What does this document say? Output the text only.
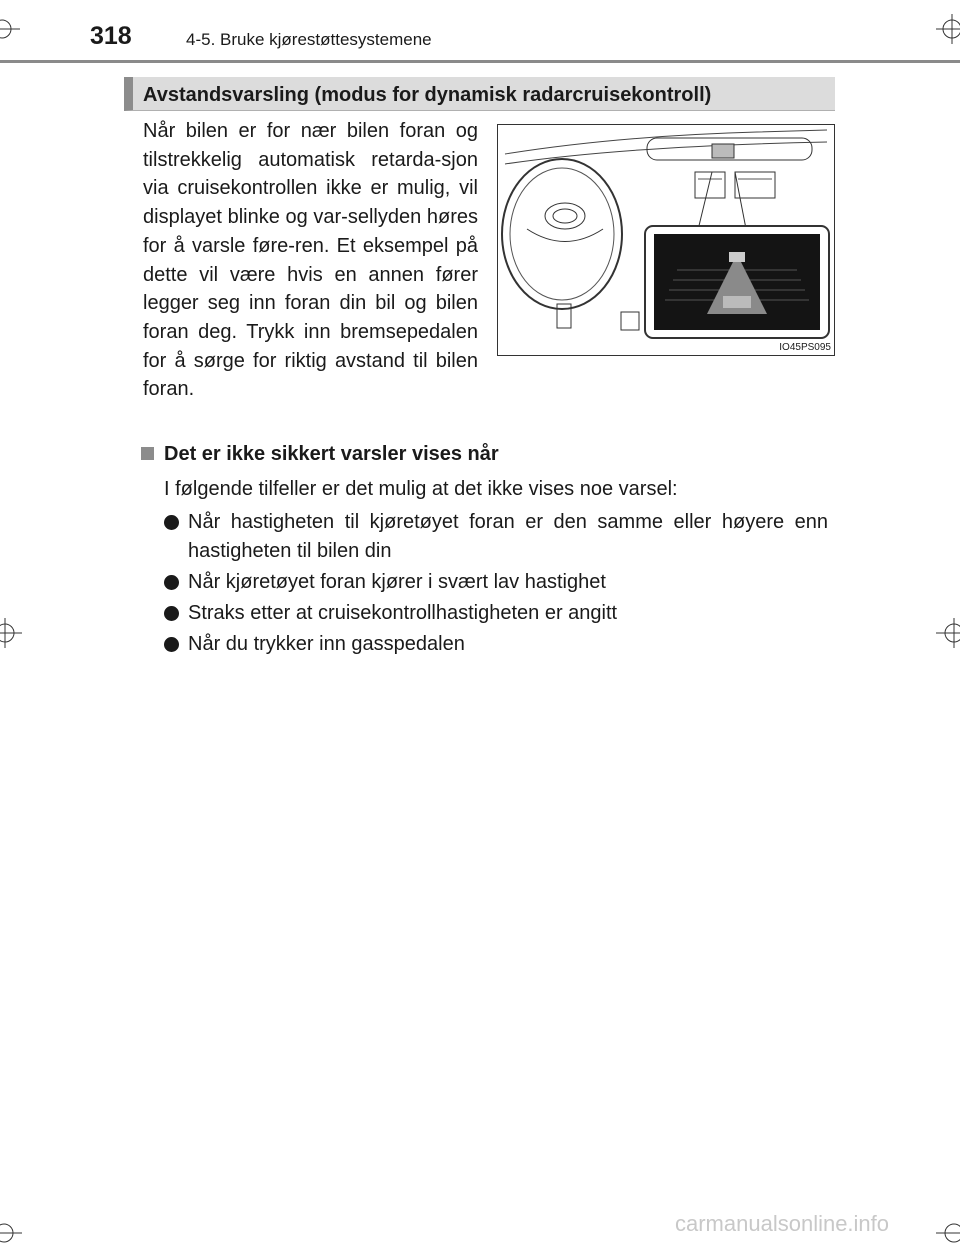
318	4-5. Bruke kjørestøttesystemene
Avstandsvarsling (modus for dynamisk radarcruisekontroll)

Når bilen er for nær bilen foran og tilstrekkelig automatisk retarda-sjon via cruisekontrollen ikke er mulig, vil displayet blinke og var-sellyden høres for å varsle føre-ren. Et eksempel på dette vil være hvis en annen fører legger seg inn foran din bil og bilen foran deg. Trykk inn bremsepedalen for å sørge for riktig avstand til bilen foran.

IO45PS095
Det er ikke sikkert varsler vises når
I følgende tilfeller er det mulig at det ikke vises noe varsel:
Når hastigheten til kjøretøyet foran er den samme eller høyere enn hastigheten til bilen din
Når kjøretøyet foran kjører i svært lav hastighet
Straks etter at cruisekontrollhastigheten er angitt
Når du trykker inn gasspedalen
carmanualsonline.info
